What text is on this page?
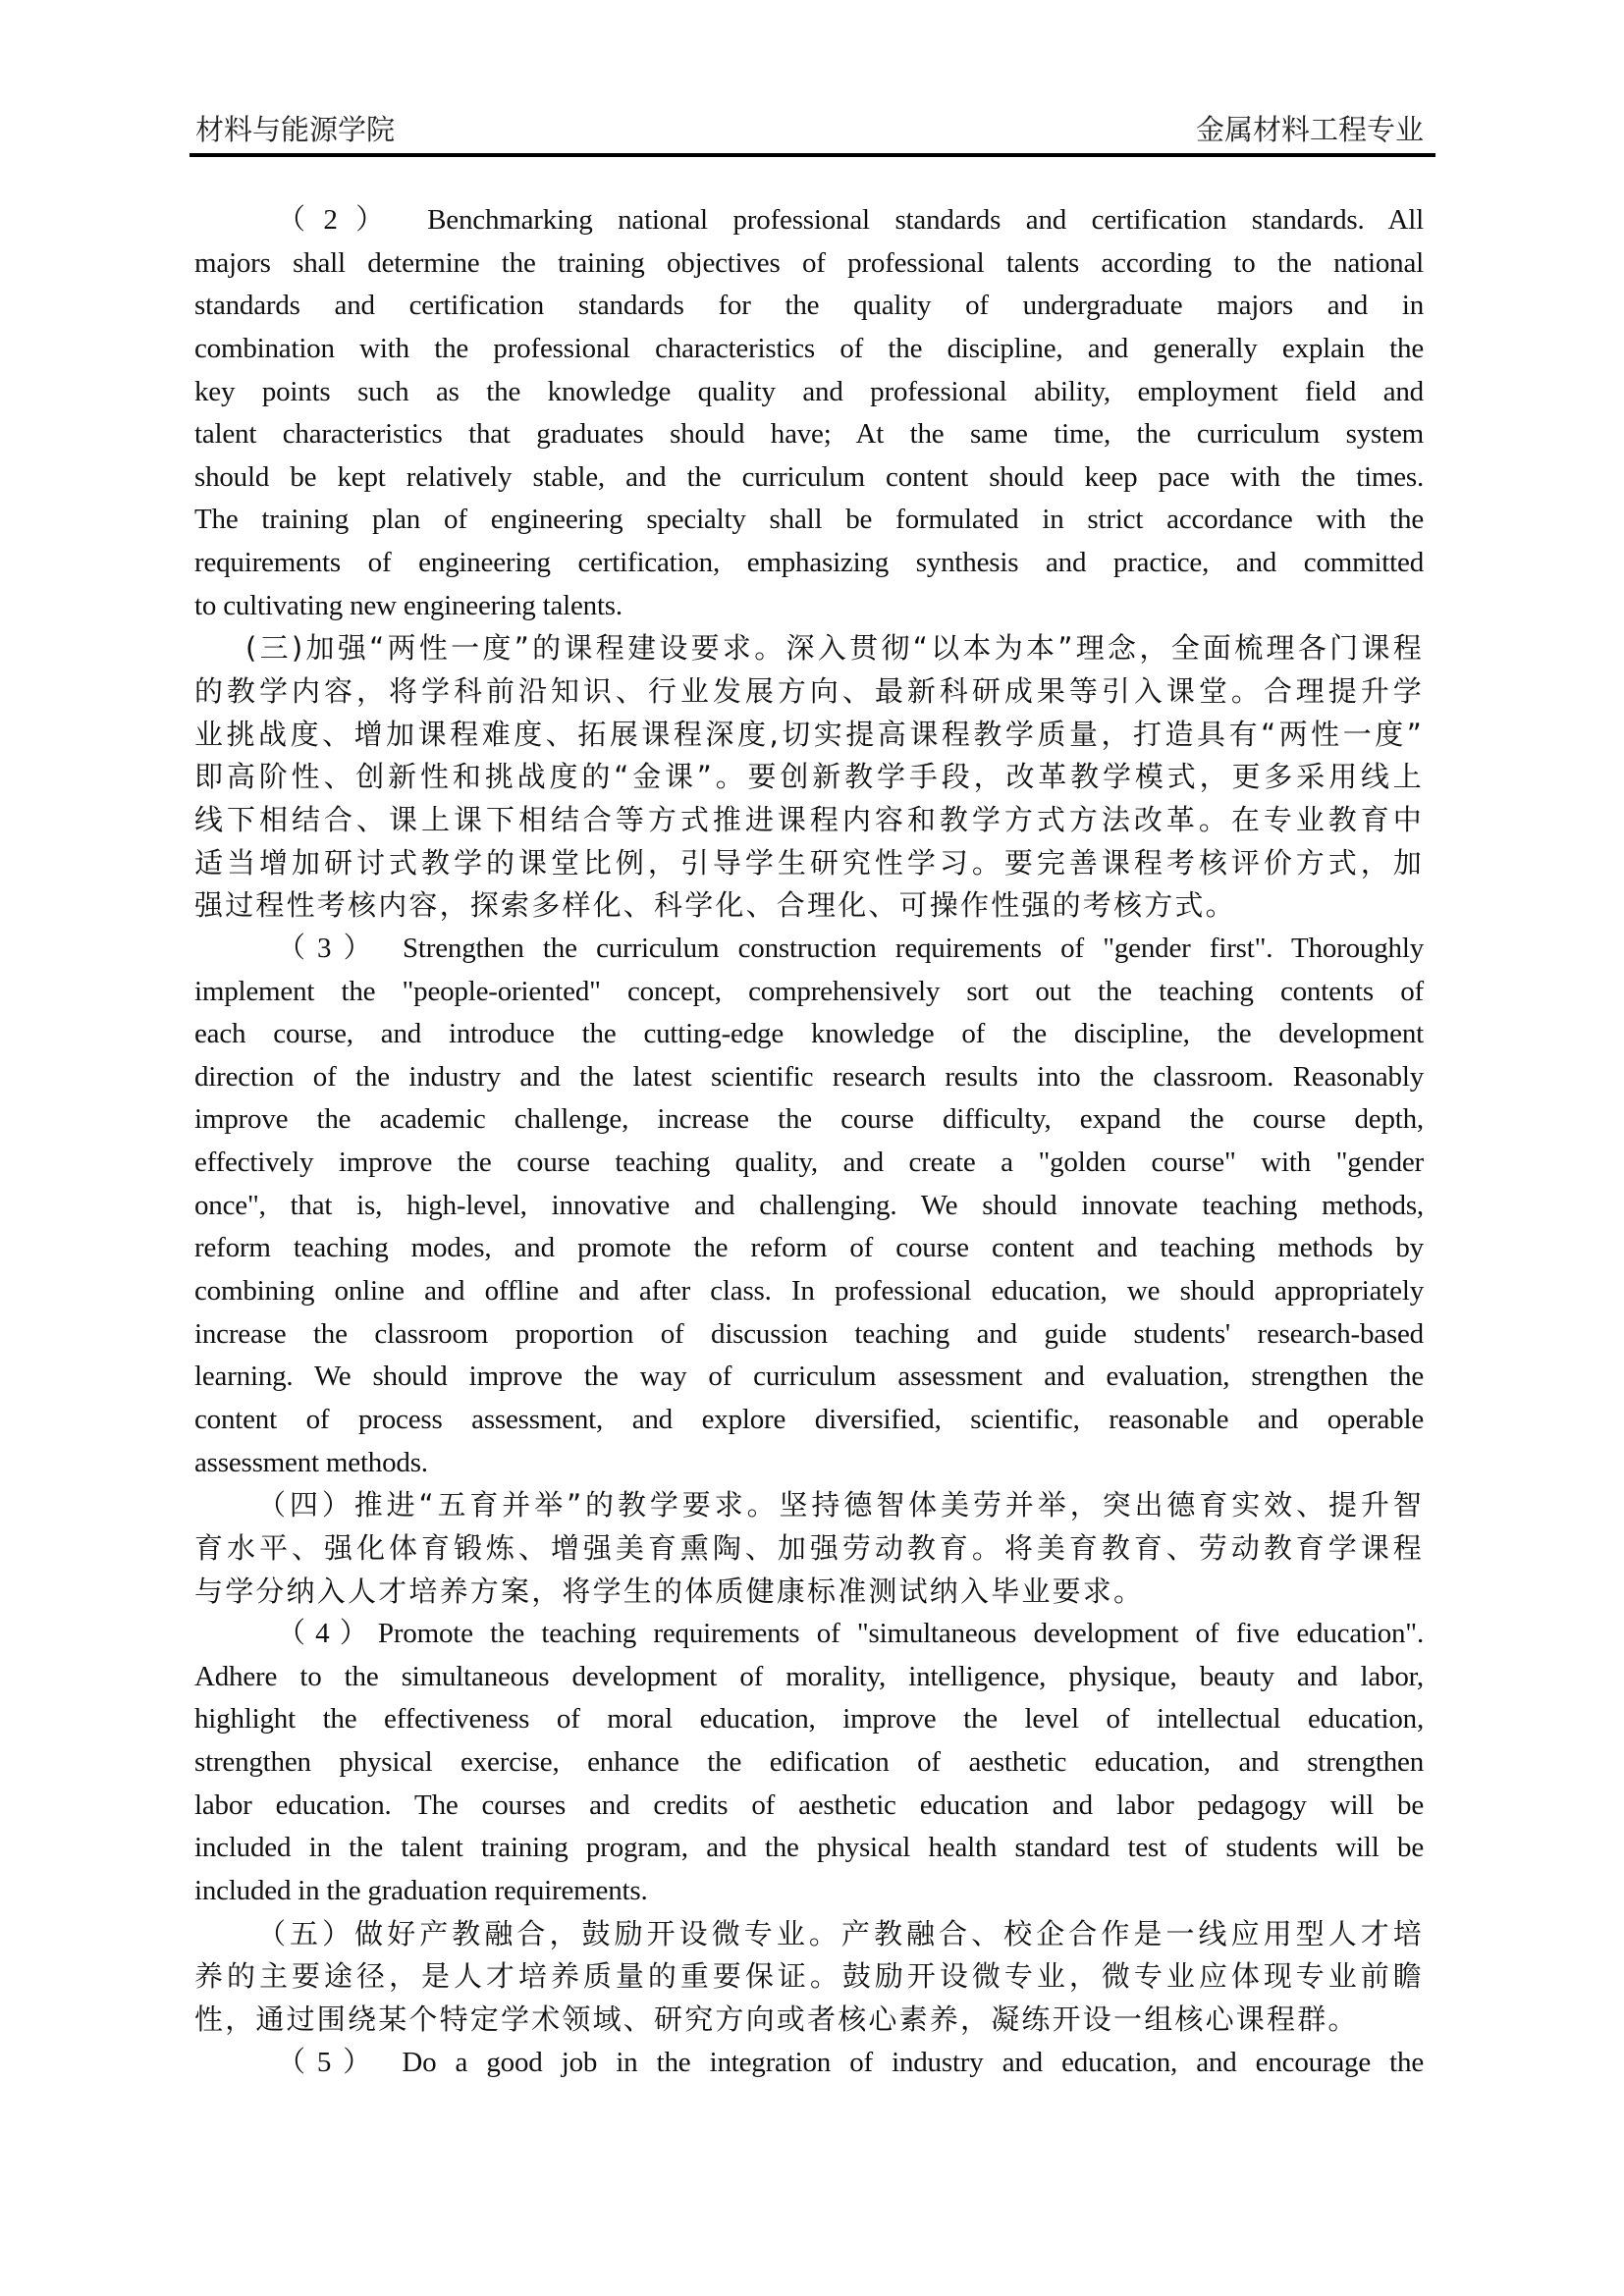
材料与能源学院	金属材料工程专业
（2） Benchmarking national professional standards and certification standards. All
majors shall determine the training objectives of professional talents according to the national
standards and certification standards for the quality of undergraduate majors and in
combination with the professional characteristics of the discipline, and generally explain the
key points such as the knowledge quality and professional ability, employment field and
talent characteristics that graduates should have; At the same time, the curriculum system
should be kept relatively stable, and the curriculum content should keep pace with the times.
The training plan of engineering specialty shall be formulated in strict accordance with the
requirements of engineering certification, emphasizing synthesis and practice, and committed
to cultivating new engineering talents.
(三)加强“两性一度”的课程建设要求。深入贯彻“以本为本”理念，全面梳理各门课程
的教学内容，将学科前沿知识、行业发展方向、最新科研成果等引入课堂。合理提升学
业挑战度、增加课程难度、拓展课程深度,切实提高课程教学质量，打造具有“两性一度”
即高阶性、创新性和挑战度的“金课”。要创新教学手段，改革教学模式，更多采用线上
线下相结合、课上课下相结合等方式推进课程内容和教学方式方法改革。在专业教育中
适当增加研讨式教学的课堂比例，引导学生研究性学习。要完善课程考核评价方式，加
强过程性考核内容，探索多样化、科学化、合理化、可操作性强的考核方式。
（3） Strengthen the curriculum construction requirements of "gender first". Thoroughly
implement the "people-oriented" concept, comprehensively sort out the teaching contents of
each course, and introduce the cutting-edge knowledge of the discipline, the development
direction of the industry and the latest scientific research results into the classroom. Reasonably
improve the academic challenge, increase the course difficulty, expand the course depth,
effectively improve the course teaching quality, and create a "golden course" with "gender
once", that is, high-level, innovative and challenging. We should innovate teaching methods,
reform teaching modes, and promote the reform of course content and teaching methods by
combining online and offline and after class. In professional education, we should appropriately
increase the classroom proportion of discussion teaching and guide students' research-based
learning. We should improve the way of curriculum assessment and evaluation, strengthen the
content of process assessment, and explore diversified, scientific, reasonable and operable
assessment methods.
（四）推进“五育并举”的教学要求。坚持德智体美劳并举，突出德育实效、提升智
育水平、强化体育锻炼、增强美育熏陶、加强劳动教育。将美育教育、劳动教育学课程
与学分纳入人才培养方案，将学生的体质健康标准测试纳入毕业要求。
（4）Promote the teaching requirements of "simultaneous development of five education".
Adhere to the simultaneous development of morality, intelligence, physique, beauty and labor,
highlight the effectiveness of moral education, improve the level of intellectual education,
strengthen physical exercise, enhance the edification of aesthetic education, and strengthen
labor education. The courses and credits of aesthetic education and labor pedagogy will be
included in the talent training program, and the physical health standard test of students will be
included in the graduation requirements.
（五）做好产教融合，鼓励开设微专业。产教融合、校企合作是一线应用型人才培
养的主要途径，是人才培养质量的重要保证。鼓励开设微专业，微专业应体现专业前瞻
性，通过围绕某个特定学术领域、研究方向或者核心素养，凝练开设一组核心课程群。
（5） Do a good job in the integration of industry and education, and encourage the
